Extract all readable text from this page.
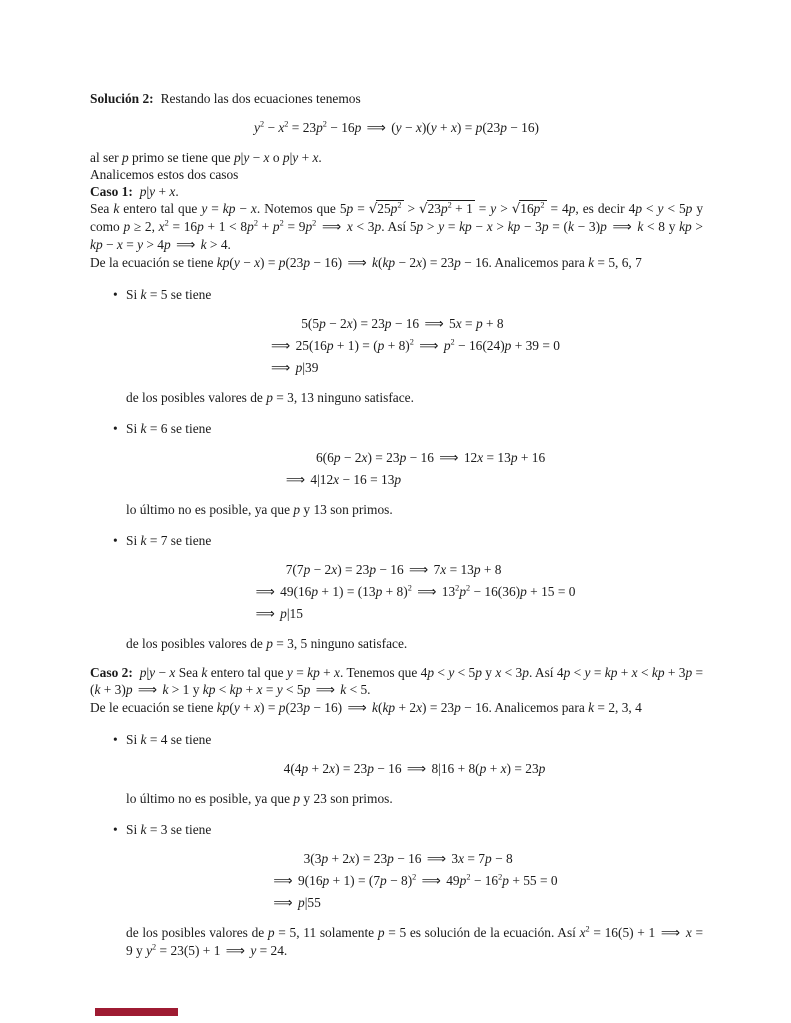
Solución 2: Restando las dos ecuaciones tenemos

$y^2 - x^2 = 23p^2 - 16p$ ⟹ (y − x)(y + x) = p(23p − 16)

al ser p primo se tiene que p|y − x o p|y + x.

Analicemos estos dos casos

Caso 1: p|y + x.

Sea k entero tal que y = kp − x. Notemos que $5p = √25p^2 > √23p^2 + 1 = y > √16p^2 = 4p$, es decir 4p < y < 5p y como p ≥ 2, $x^2 = 16p + 1 < 8p^2 + p^2 = 9p^2$ ⟹ x < 3p. Así 5p > y = kp − x > kp − 3p = (k − 3)p ⟹ k < 8 y kp > kp − x = y > 4p ⟹ k > 4.

De la ecuación se tiene kp(y − x) = p(23p − 16) ⟹ k(kp − 2x) = 23p − 16. Analicemos para k = 5, 6, 7

• Si k = 5 se tiene

5(5p − 2x) = 23p − 16 ⟹ 5x = p + 8
⟹ $25(16p + 1) = (p + 8)^2$ ⟹ $p^2 - 16(24)p + 39 = 0$
⟹ p|39

de los posibles valores de p = 3, 13 ninguno satisface.

• Si k = 6 se tiene

6(6p − 2x) = 23p − 16 ⟹ 12x = 13p + 16
⟹ 4|12x − 16 = 13p

lo último no es posible, ya que p y 13 son primos.

• Si k = 7 se tiene

7(7p − 2x) = 23p − 16 ⟹ 7x = 13p + 8
⟹ $49(16p + 1) = (13p + 8)^2$ ⟹ $13^2p^2 - 16(36)p + 15 = 0$
⟹ p|15

de los posibles valores de p = 3, 5 ninguno satisface.

Caso 2: p|y − x Sea k entero tal que y = kp + x. Tenemos que 4p < y < 5p y x < 3p. Así 4p < y = kp + x < kp + 3p = (k + 3)p ⟹ k > 1 y kp < kp + x = y < 5p ⟹ k < 5.

De le ecuación se tiene kp(y + x) = p(23p − 16) ⟹ k(kp + 2x) = 23p − 16. Analicemos para k = 2, 3, 4

• Si k = 4 se tiene

4(4p + 2x) = 23p − 16 ⟹ 8|16 + 8(p + x) = 23p

lo último no es posible, ya que p y 23 son primos.

• Si k = 3 se tiene

3(3p + 2x) = 23p − 16 ⟹ 3x = 7p − 8
⟹ $9(16p + 1) = (7p - 8)^2$ ⟹ $49p^2 - 16^2p + 55 = 0$
⟹ p|55

de los posibles valores de p = 5, 11 solamente p = 5 es solución de la ecuación. Así $x^2 = 16(5) + 1$ ⟹ x = 9 y $y^2 = 23(5) + 1$ ⟹ y = 24.
